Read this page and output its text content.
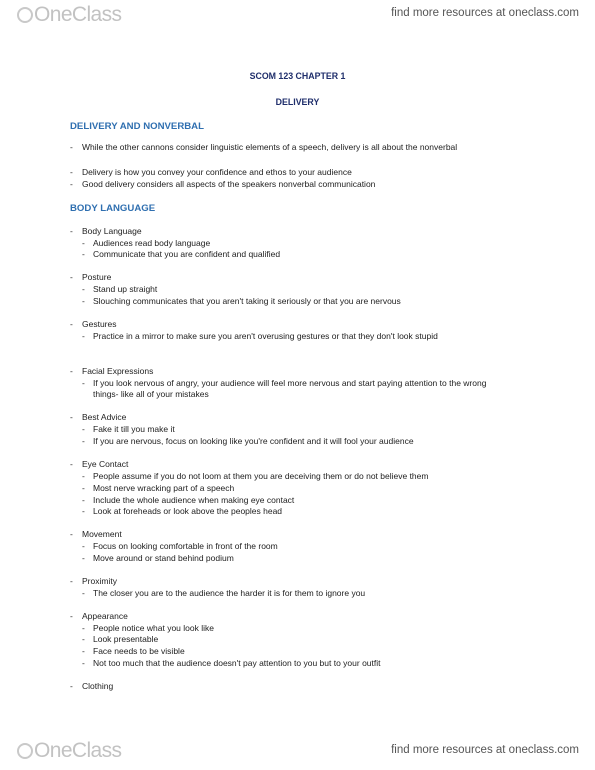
OneClass	find more resources at oneclass.com
SCOM 123 CHAPTER 1
DELIVERY
DELIVERY AND NONVERBAL
- While the other cannons consider linguistic elements of a speech, delivery is all about the nonverbal
- Delivery is how you convey your confidence and ethos to your audience
- Good delivery considers all aspects of the speakers nonverbal communication
BODY LANGUAGE
- Body Language
- Audiences read body language
- Communicate that you are confident and qualified
- Posture
- Stand up straight
- Slouching communicates that you aren't taking it seriously or that you are nervous
- Gestures
- Practice in a mirror to make sure you aren't overusing gestures or that they don't look stupid
- Facial Expressions
- If you look nervous of angry, your audience will feel more nervous and start paying attention to the wrong things- like all of your mistakes
- Best Advice
- Fake it till you make it
- If you are nervous, focus on looking like you're confident and it will fool your audience
- Eye Contact
- People assume if you do not loom at them you are deceiving them or do not believe them
- Most nerve wracking part of a speech
- Include the whole audience when making eye contact
- Look at foreheads or look above the peoples head
- Movement
- Focus on looking comfortable in front of the room
- Move around or stand behind podium
- Proximity
- The closer you are to the audience the harder it is for them to ignore you
- Appearance
- People notice what you look like
- Look presentable
- Face needs to be visible
- Not too much that the audience doesn't pay attention to you but to your outfit
- Clothing
OneClass	find more resources at oneclass.com
